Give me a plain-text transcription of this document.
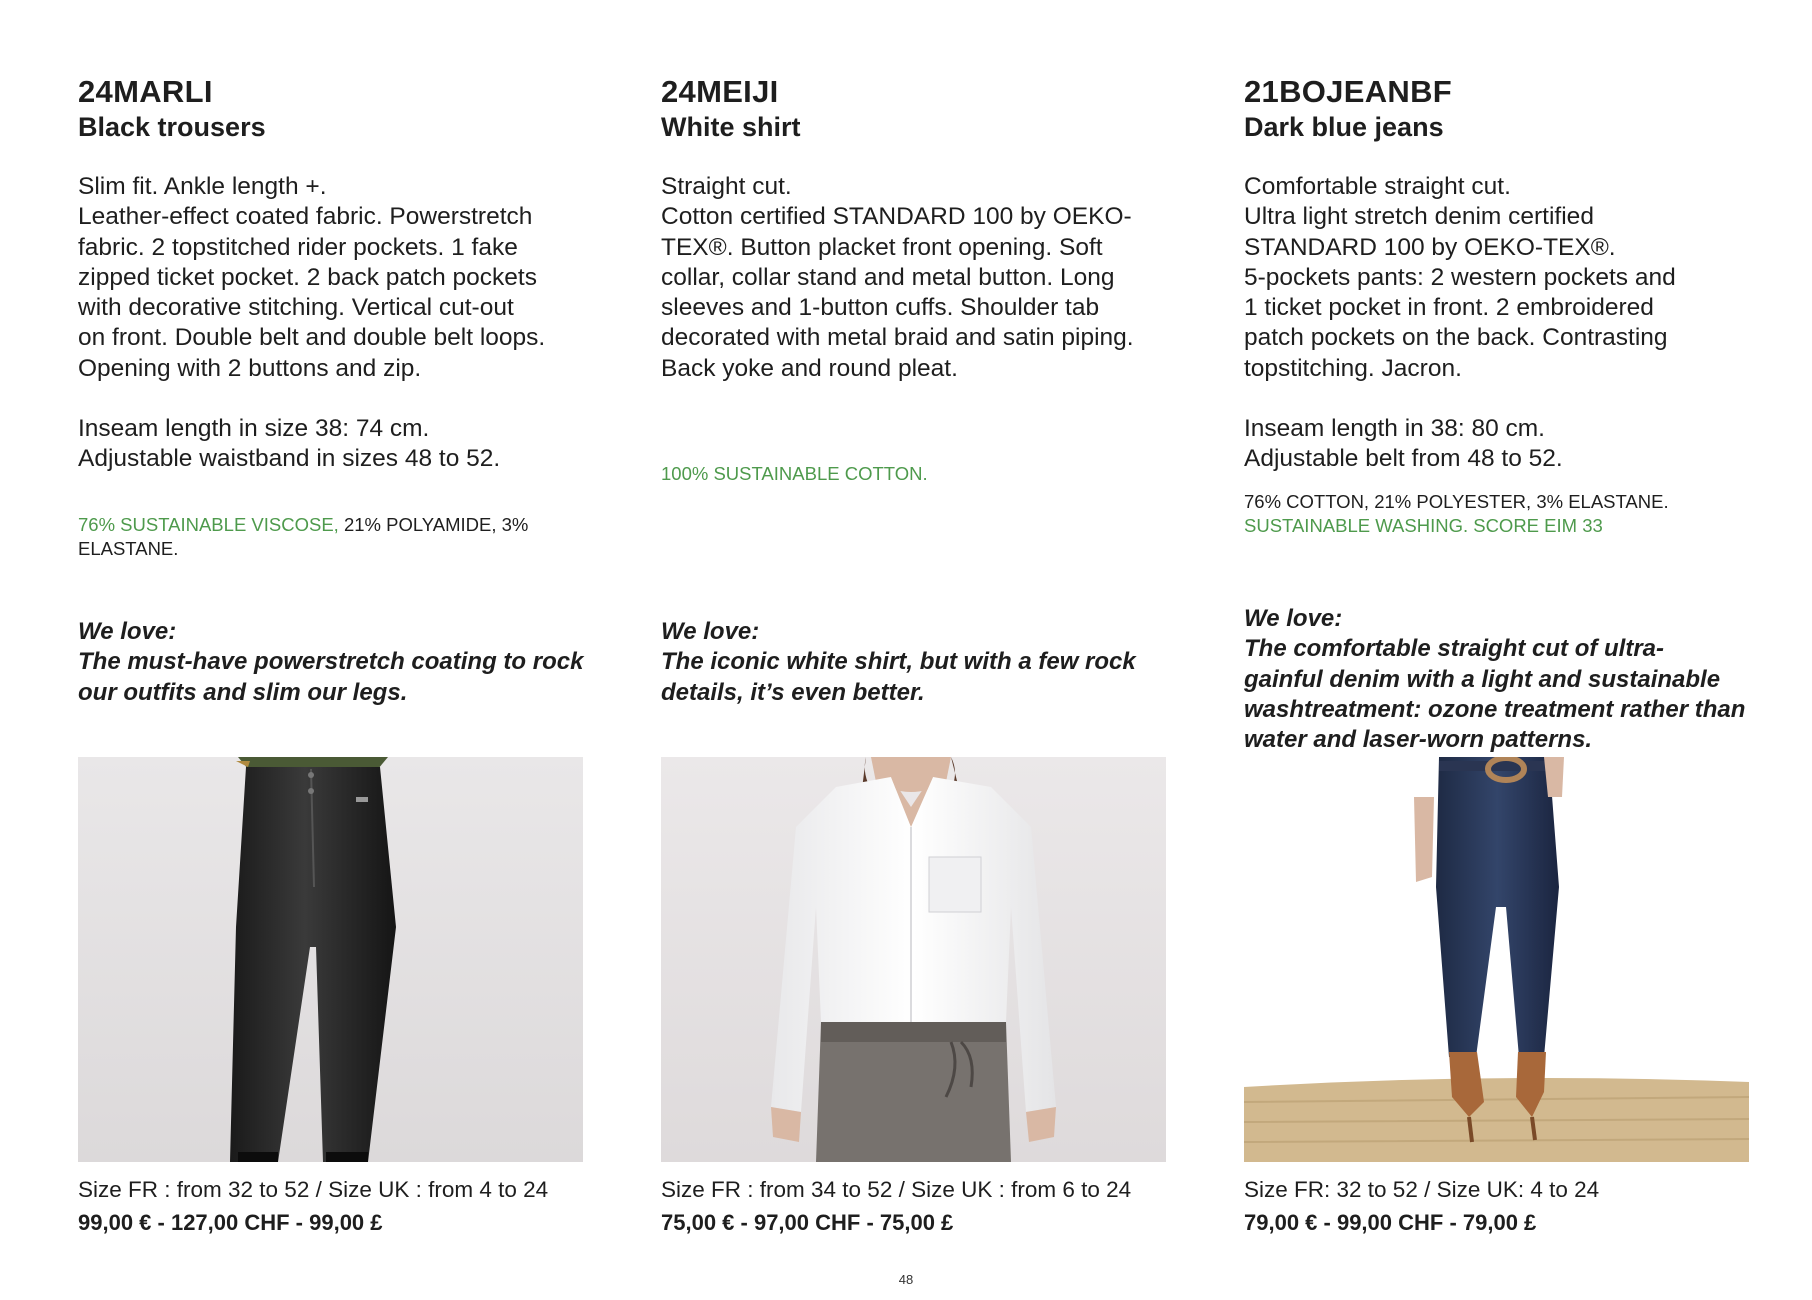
24MARLI
Black trousers
Slim fit. Ankle length +.
Leather-effect coated fabric. Powerstretch
fabric. 2 topstitched rider pockets. 1 fake
zipped ticket pocket. 2 back patch pockets
with decorative stitching. Vertical cut-out
on front. Double belt and double belt loops.
Opening with 2 buttons and zip.
Inseam length in size 38: 74 cm.
Adjustable waistband in sizes 48 to 52.
76% SUSTAINABLE VISCOSE, 21% POLYAMIDE, 3%
ELASTANE.
We love:
The must-have powerstretch coating to rock
our outfits and slim our legs.
Size FR : from 32 to 52 / Size UK : from 4 to 24
99,00 € - 127,00 CHF - 99,00 £
24MEIJI
White shirt
Straight cut.
Cotton certified STANDARD 100 by OEKO-
TEX®. Button placket front opening. Soft
collar, collar stand and metal button. Long
sleeves and 1-button cuffs. Shoulder tab
decorated with metal braid and satin piping.
Back yoke and round pleat.
100% SUSTAINABLE COTTON.
We love:
The iconic white shirt, but with a few rock
details, it’s even better.
Size FR : from 34 to 52 / Size UK : from 6 to 24
75,00 € - 97,00 CHF - 75,00 £
21BOJEANBF
Dark blue jeans
Comfortable straight cut.
Ultra light stretch denim certified
STANDARD 100 by OEKO-TEX®.
5-pockets pants: 2 western pockets and
1 ticket pocket in front. 2 embroidered
patch pockets on the back. Contrasting
topstitching. Jacron.
Inseam length in 38: 80 cm.
Adjustable belt from 48 to 52.
76% COTTON, 21% POLYESTER, 3% ELASTANE.
SUSTAINABLE WASHING. SCORE EIM 33
We love:
The comfortable straight cut of ultra-
gainful denim with a light and sustainable
washtreatment: ozone treatment rather than
water and laser-worn patterns.
Size FR: 32 to 52 / Size UK: 4 to 24
79,00 € - 99,00 CHF - 79,00 £
48
